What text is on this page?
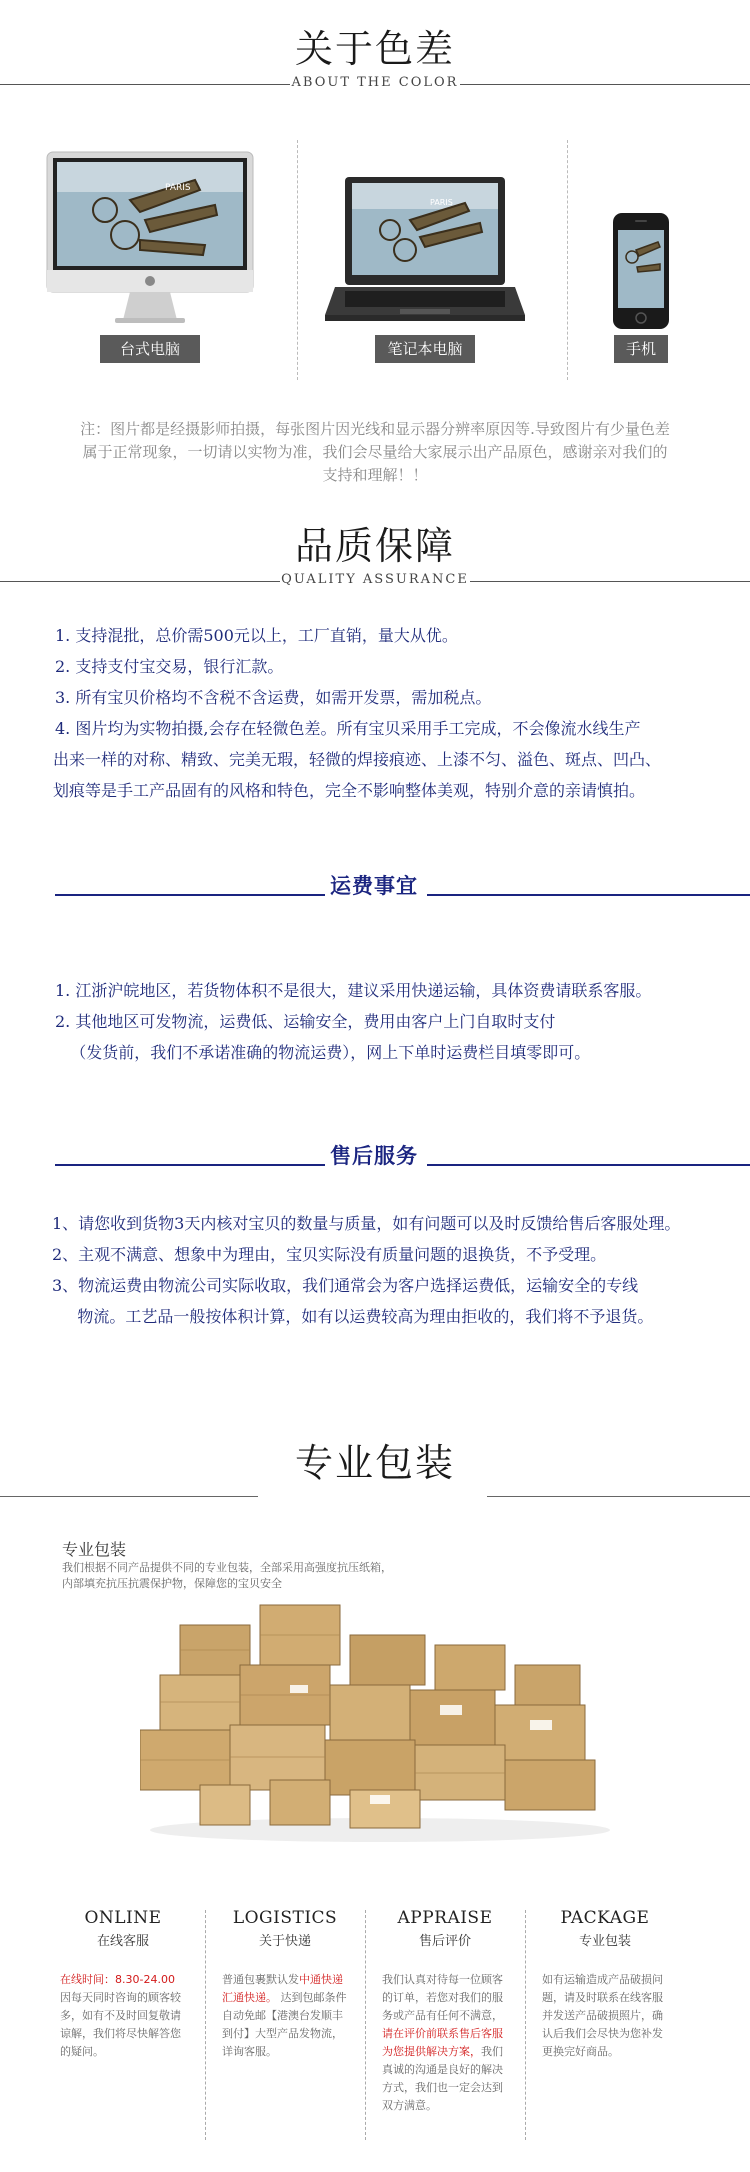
关于色差
ABOUT THE COLOR
PARIS
台式电脑
PARIS
笔记本电脑	手机

注：图片都是经摄影师拍摄，每张图片因光线和显示器分辨率原因等.导致图片有少量色差

属于正常现象，一切请以实物为准，我们会尽量给大家展示出产品原色，感谢亲对我们的

支持和理解！！

品质保障
QUALITY ASSURANCE

1. 支持混批，总价需500元以上，工厂直销，量大从优。

2. 支持支付宝交易，银行汇款。

3. 所有宝贝价格均不含税不含运费，如需开发票，需加税点。

4. 图片均为实物拍摄,会存在轻微色差。所有宝贝采用手工完成，不会像流水线生产

出来一样的对称、精致、完美无瑕，轻微的焊接痕迹、上漆不匀、溢色、斑点、凹凸、

划痕等是手工产品固有的风格和特色，完全不影响整体美观，特别介意的亲请慎拍。

运费事宜

1. 江浙沪皖地区，若货物体积不是很大，建议采用快递运输，具体资费请联系客服。

2. 其他地区可发物流，运费低、运输安全，费用由客户上门自取时支付

（发货前，我们不承诺准确的物流运费），网上下单时运费栏目填零即可。

售后服务

1、请您收到货物3天内核对宝贝的数量与质量，如有问题可以及时反馈给售后客服处理。

2、主观不满意、想象中为理由，宝贝实际没有质量问题的退换货，不予受理。

3、物流运费由物流公司实际收取，我们通常会为客户选择运费低，运输安全的专线

物流。工艺品一般按体积计算，如有以运费较高为理由拒收的，我们将不予退货。

专业包装
专业包装

我们根据不同产品提供不同的专业包装，全部采用高强度抗压纸箱，

内部填充抗压抗震保护物，保障您的宝贝安全

ONLINE
在线客服
在线时间：8.30-24.00
因每天同时咨询的顾客较多，如有不及时回复敬请谅解，我们将尽快解答您的疑问。
LOGISTICS
关于快递
普通包裹默认发中通快递汇通快递。 达到包邮条件自动免邮【港澳台发顺丰到付】大型产品发物流，详询客服。
APPRAISE
售后评价
我们认真对待每一位顾客的订单，若您对我们的服务或产品有任何不满意，请在评价前联系售后客服为您提供解决方案，我们真诚的沟通是良好的解决方式，我们也一定会达到双方满意。
PACKAGE
专业包装
如有运输造成产品破损问题，请及时联系在线客服并发送产品破损照片，确认后我们会尽快为您补发更换完好商品。
